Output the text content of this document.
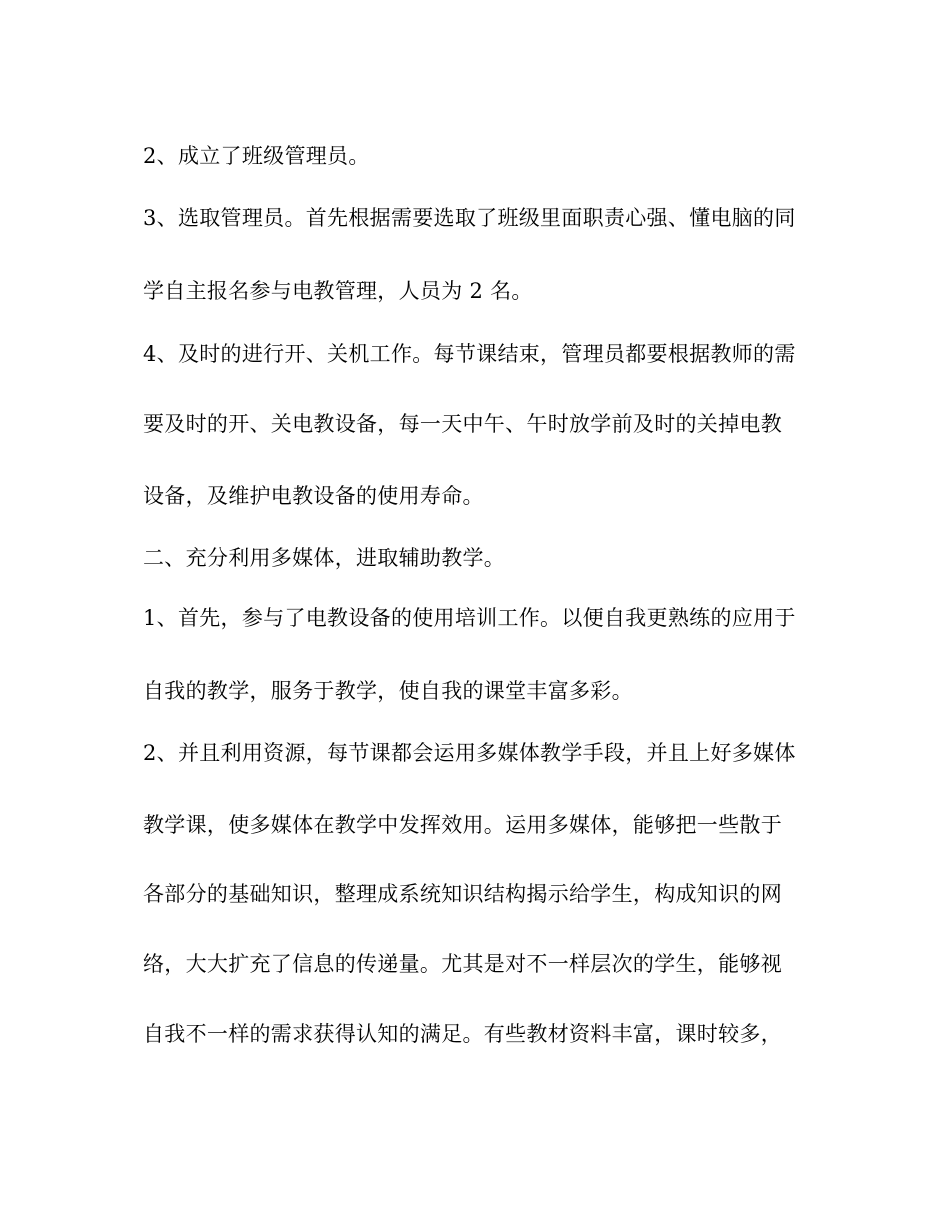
2、成立了班级管理员。
3、选取管理员。首先根据需要选取了班级里面职责心强、懂电脑的同
学自主报名参与电教管理，人员为 2 名。
4、及时的进行开、关机工作。每节课结束，管理员都要根据教师的需
要及时的开、关电教设备，每一天中午、午时放学前及时的关掉电教
设备，及维护电教设备的使用寿命。
二、充分利用多媒体，进取辅助教学。
1、首先，参与了电教设备的使用培训工作。以便自我更熟练的应用于
自我的教学，服务于教学，使自我的课堂丰富多彩。
2、并且利用资源，每节课都会运用多媒体教学手段，并且上好多媒体
教学课，使多媒体在教学中发挥效用。运用多媒体，能够把一些散于
各部分的基础知识，整理成系统知识结构揭示给学生，构成知识的网
络，大大扩充了信息的传递量。尤其是对不一样层次的学生，能够视
自我不一样的需求获得认知的满足。有些教材资料丰富，课时较多，
